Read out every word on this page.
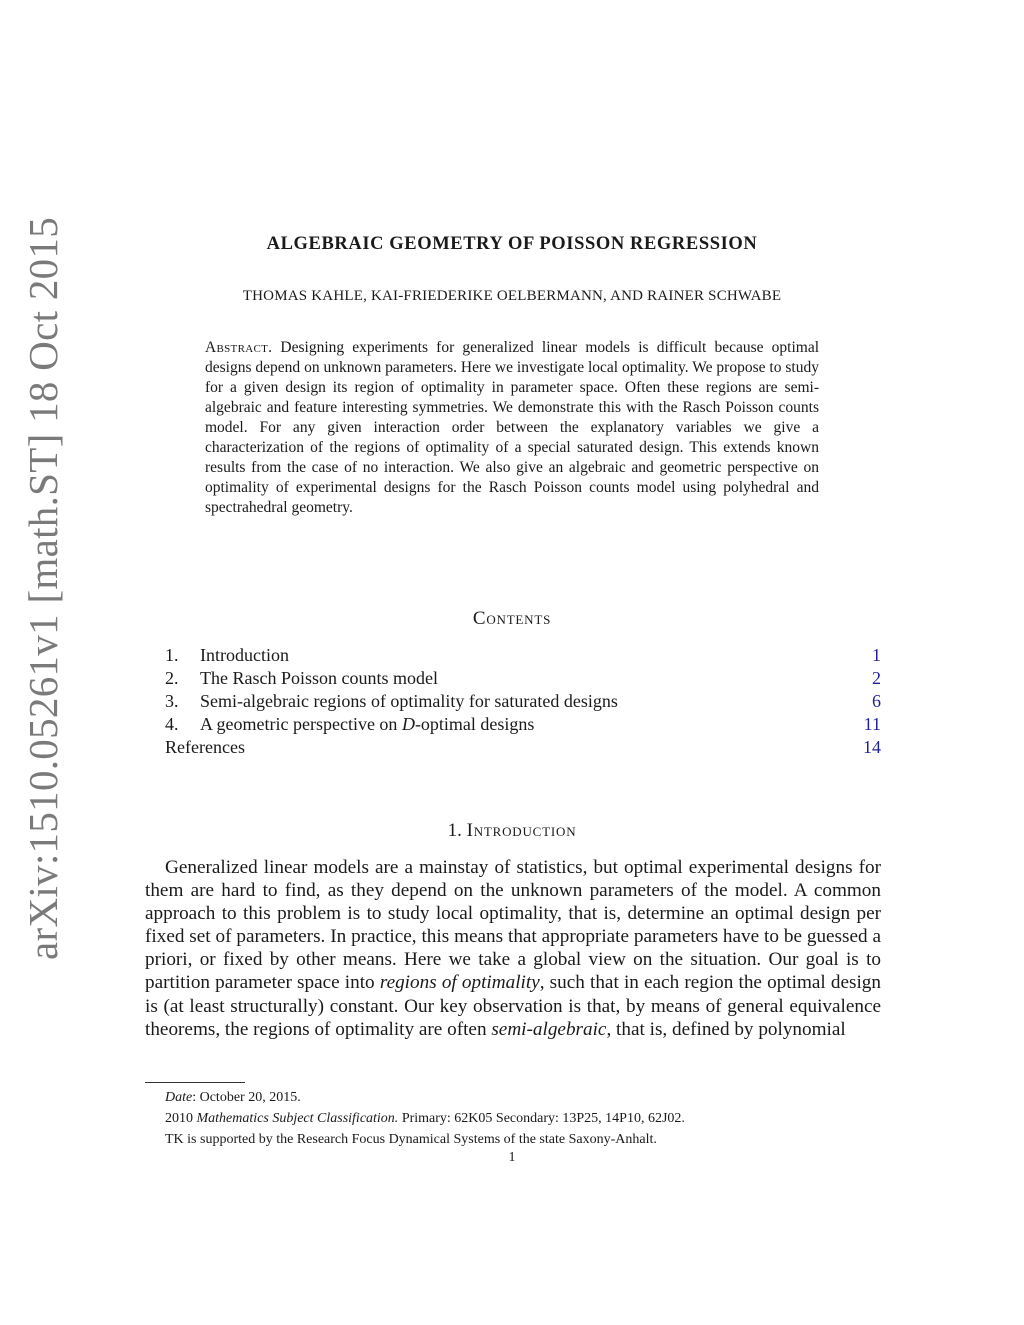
arXiv:1510.05261v1 [math.ST] 18 Oct 2015	ALGEBRAIC GEOMETRY OF POISSON REGRESSION
THOMAS KAHLE, KAI-FRIEDERIKE OELBERMANN, AND RAINER SCHWABE
Abstract. Designing experiments for generalized linear models is difficult because optimal designs depend on unknown parameters. Here we investigate local optimality. We propose to study for a given design its region of optimality in parameter space. Often these regions are semi-algebraic and feature interesting symmetries. We demonstrate this with the Rasch Poisson counts model. For any given interaction order between the explanatory variables we give a characterization of the regions of optimality of a special saturated design. This extends known results from the case of no interaction. We also give an algebraic and geometric perspective on optimality of experimental designs for the Rasch Poisson counts model using polyhedral and spectrahedral geometry.
Contents
1. Introduction	1
2. The Rasch Poisson counts model	2
3. Semi-algebraic regions of optimality for saturated designs	6
4. A geometric perspective on D-optimal designs	11
References	14
1. Introduction

Generalized linear models are a mainstay of statistics, but optimal experimental designs for them are hard to find, as they depend on the unknown parameters of the model. A common approach to this problem is to study local optimality, that is, determine an optimal design per fixed set of parameters. In practice, this means that appropriate parameters have to be guessed a priori, or fixed by other means. Here we take a global view on the situation. Our goal is to partition parameter space into regions of optimality, such that in each region the optimal design is (at least structurally) constant. Our key observation is that, by means of general equivalence theorems, the regions of optimality are often semi-algebraic, that is, defined by polynomial

Date: October 20, 2015.
2010 Mathematics Subject Classification. Primary: 62K05 Secondary: 13P25, 14P10, 62J02.
TK is supported by the Research Focus Dynamical Systems of the state Saxony-Anhalt.
1
